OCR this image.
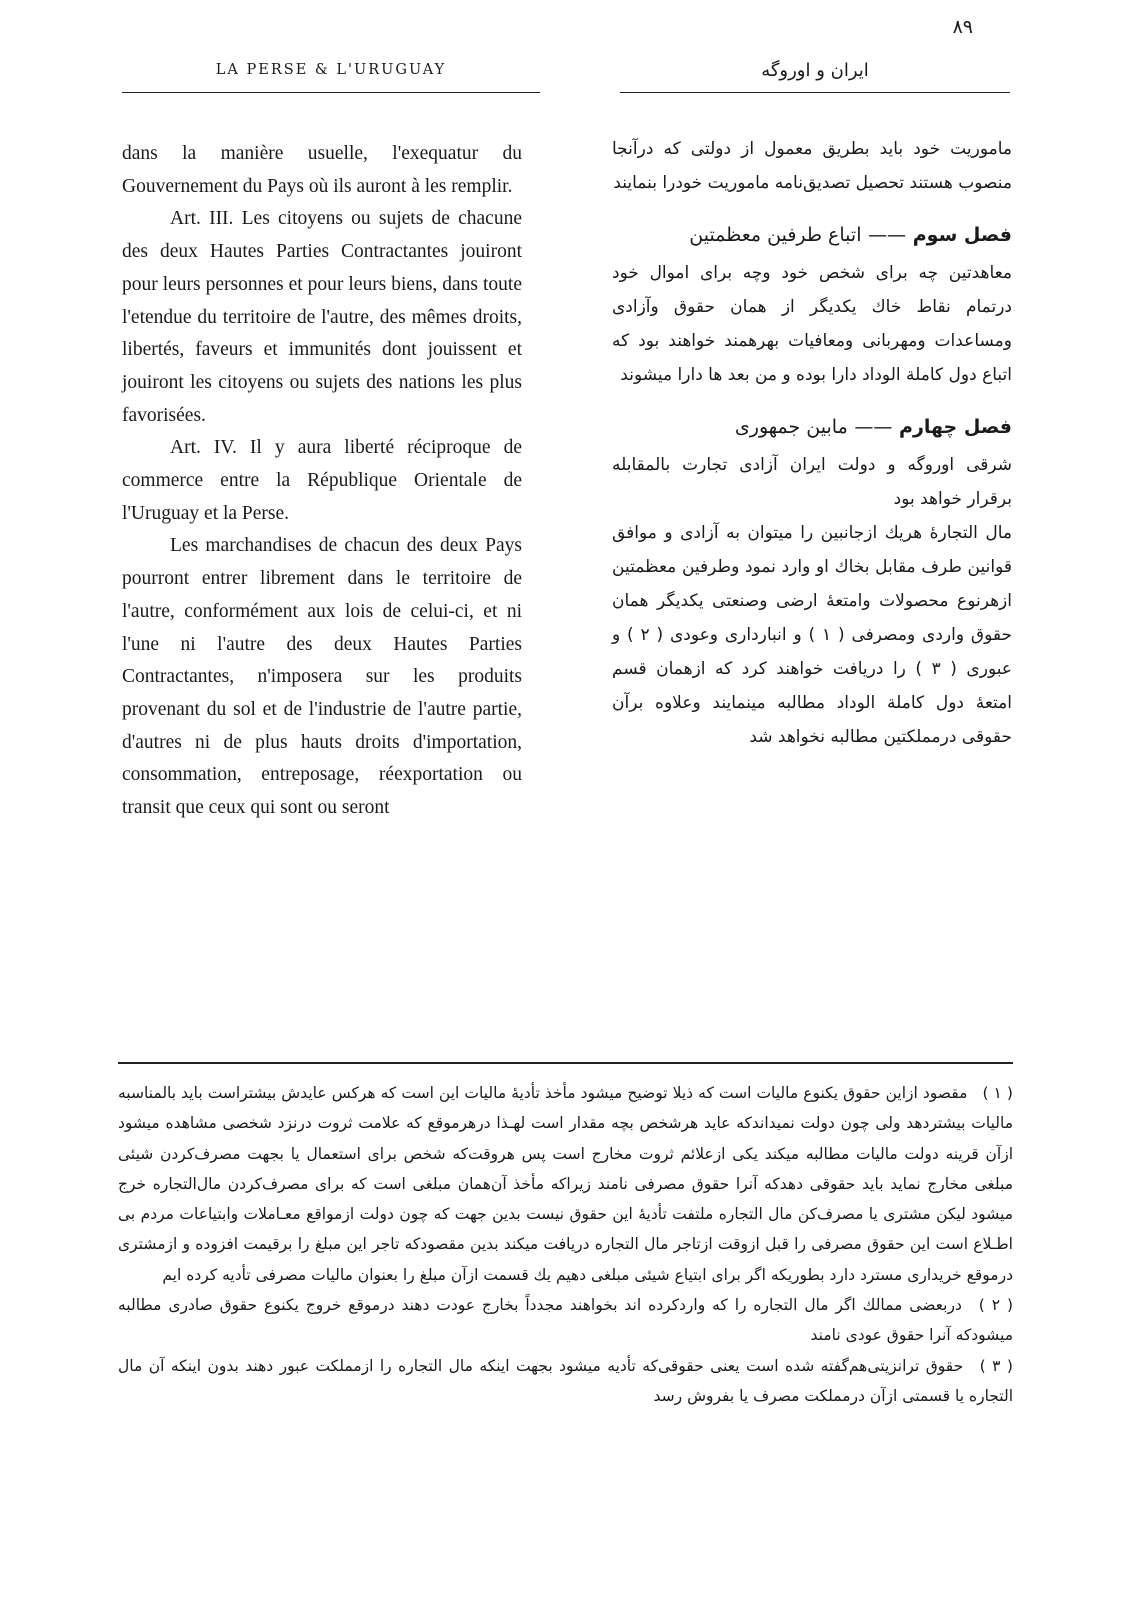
۸۹
LA PERSE & L'URUGUAY	ایران و اوروگه

dans la manière usuelle, l'exequatur du Gouvernement du Pays où ils auront à les remplir.

Art. III. Les citoyens ou sujets de chacune des deux Hautes Parties Contractantes jouiront pour leurs personnes et pour leurs biens, dans toute l'etendue du territoire de l'autre, des mêmes droits, libertés, faveurs et immunités dont jouissent et jouiront les citoyens ou sujets des nations les plus favorisées.

Art. IV. Il y aura liberté réciproque de commerce entre la République Orientale de l'Uruguay et la Perse.

Les marchandises de chacun des deux Pays pourront entrer librement dans le territoire de l'autre, conformément aux lois de celui-ci, et ni l'une ni l'autre des deux Hautes Parties Contractantes, n'imposera sur les produits provenant du sol et de l'industrie de l'autre partie, d'autres ni de plus hauts droits d'importation, consommation, entreposage, réexportation ou transit que ceux qui sont ou seront

ماموریت خود باید بطریق معمول از دولتی که درآنجا منصوب هستند تحصیل تصدیق‌نامه ماموریت خودرا بنمایند

فصل سوم —— اتباع طرفین معظمتین

معاهدتین چه برای شخص خود وچه برای اموال خود درتمام نقاط خاك یکدیگر از همان حقوق وآزادی ومساعدات ومهربانی ومعافیات بهرهمند خواهند بود که اتباع دول کاملة الوداد دارا بوده و من بعد ها دارا میشوند

فصل چهارم —— مابین جمهوری

شرقی اوروگه و دولت ایران آزادی تجارت بالمقابله برقرار خواهد بود

مال التجارهٔ هریك ازجانبین را میتوان به آزادی و موافق قوانین طرف مقابل بخاك او وارد نمود وطرفین معظمتین ازهرنوع محصولات وامتعهٔ ارضی وصنعتی یکدیگر همان حقوق واردی ومصرفی ( ۱ ) و انبارداری وعودی ( ۲ ) و عبوری ( ۳ ) را دریافت خواهند کرد که ازهمان قسم امتعهٔ دول کاملة الوداد مطالبه مینمایند وعلاوه برآن حقوقی درمملکتین مطالبه نخواهد شد

( ۱ ) مقصود ازاین حقوق یکنوع مالیات است که ذیلا توضیح میشود مأخذ تأدیهٔ مالیات این است که هرکس عایدش بیشتراست باید بالمناسبه مالیات بیشتردهد ولی چون دولت نمیداندکه عاید هرشخص بچه مقدار است لهـذا درهرموقع که علامت ثروت درنزد شخصی مشاهده میشود ازآن قرینه دولت مالیات مطالبه میکند یکی ازعلائم ثروت مخارج است پس هروقت‌که شخص برای استعمال یا بجهت مصرف‌کردن شیئی مبلغی مخارج نماید باید حقوقی دهدکه آنرا حقوق مصرفی نامند زیراکه مأخذ آن‌همان مبلغی است که برای مصرف‌کردن مال‌التجاره خرج میشود لیکن مشتری یا مصرف‌کن مال التجاره ملتفت تأدیهٔ این حقوق نیست بدین جهت که چون دولت ازمواقع معـاملات وابتیاعات مردم بی اطـلاع است این حقوق مصرفی را قبل ازوقت ازتاجر مال التجاره دریافت میکند بدین مقصودکه تاجر این مبلغ را برقیمت افزوده و ازمشتری درموقع خریداری مسترد دارد بطوریکه اگر برای ابتیاع شیئی مبلغی دهیم یك قسمت ازآن مبلغ را بعنوان مالیات مصرفی تأدیه کرده ایم

( ۲ ) دربعضی ممالك اگر مال التجاره را که واردکرده اند بخواهند مجدداً بخارج عودت دهند درموقع خروج یکنوع حقوق صادری مطالبه میشودکه آنرا حقوق عودی نامند

( ۳ ) حقوق ترانزیتی‌هم‌گفته شده است یعنی حقوقی‌که تأدیه میشود بجهت اینکه مال التجاره را ازمملکت عبور دهند بدون اینکه آن مال التجاره یا قسمتی ازآن درمملکت مصرف یا بفروش رسد
